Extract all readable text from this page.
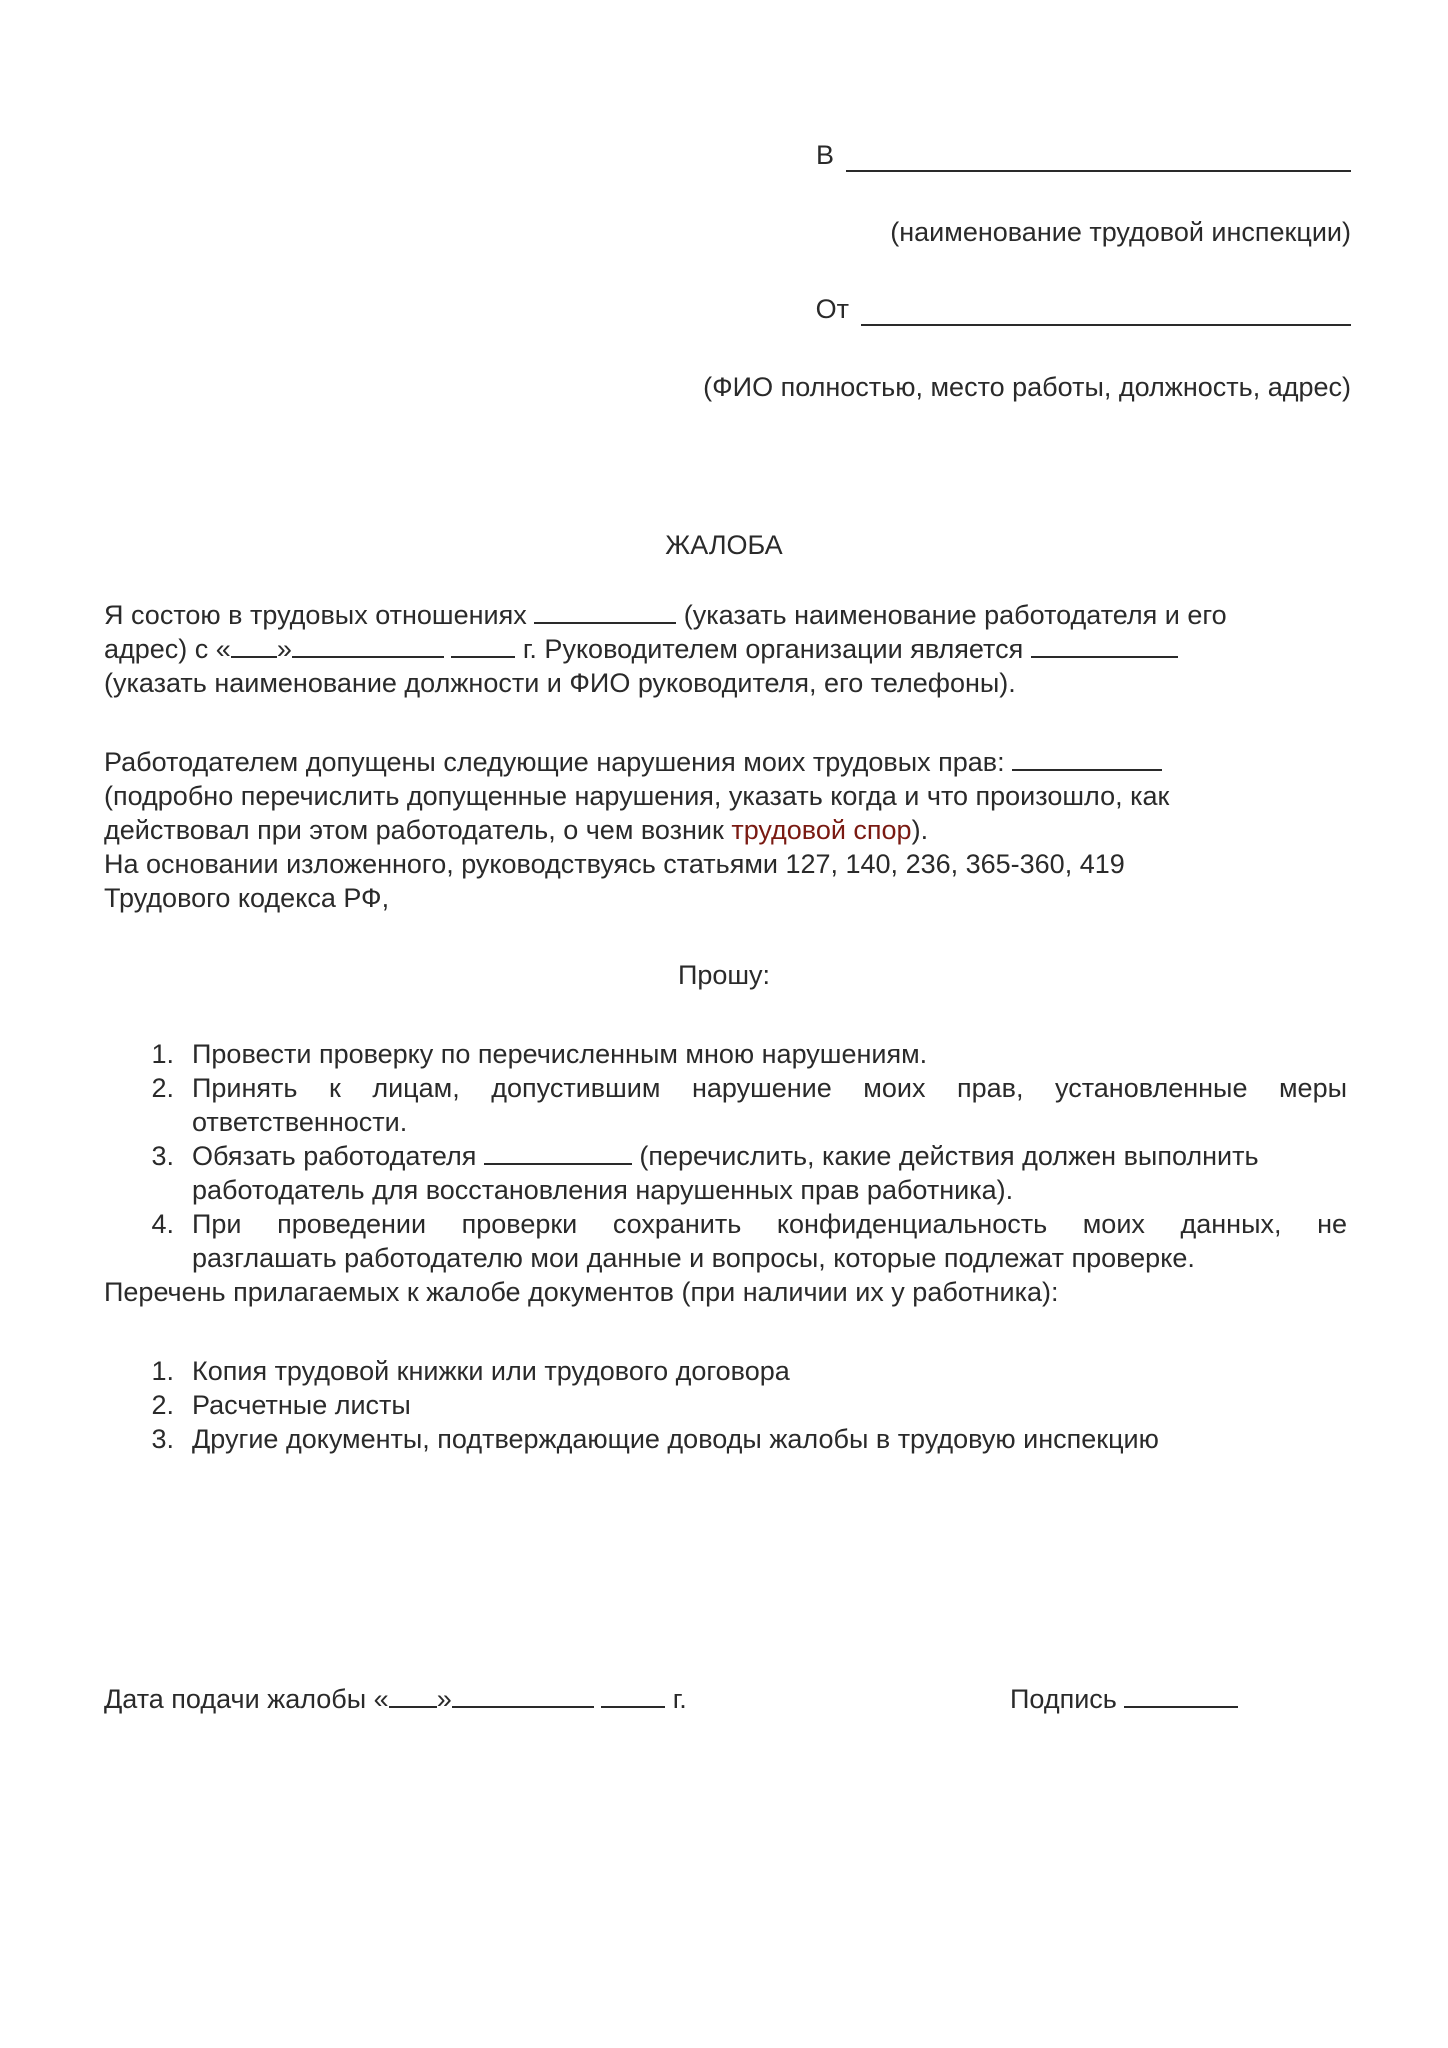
В
(наименование трудовой инспекции)
От
(ФИО полностью, место работы, должность, адрес)
ЖАЛОБА
Я состою в трудовых отношениях	(указать наименование работодателя и его
адрес) с « »	г. Руководителем организации является
(указать наименование должности и ФИО руководителя, его телефоны).
Работодателем допущены следующие нарушения моих трудовых прав:
(подробно перечислить допущенные нарушения, указать когда и что произошло, как
действовал при этом работодатель, о чем возник трудовой спор).
На основании изложенного, руководствуясь статьями 127, 140, 236, 365-360, 419
Трудового кодекса РФ,
Прошу:
1. Провести проверку по перечисленным мною нарушениям.
2. Принять к лицам, допустившим нарушение моих прав, установленные меры
ответственности.
3. Обязать работодателя	(перечислить, какие действия должен выполнить
работодатель для восстановления нарушенных прав работника).
4. При проведении проверки сохранить конфиденциальность моих данных, не
разглашать работодателю мои данные и вопросы, которые подлежат проверке.
Перечень прилагаемых к жалобе документов (при наличии их у работника):
1. Копия трудовой книжки или трудового договора
2. Расчетные листы
3. Другие документы, подтверждающие доводы жалобы в трудовую инспекцию
Дата подачи жалобы « »	г.	Подпись
